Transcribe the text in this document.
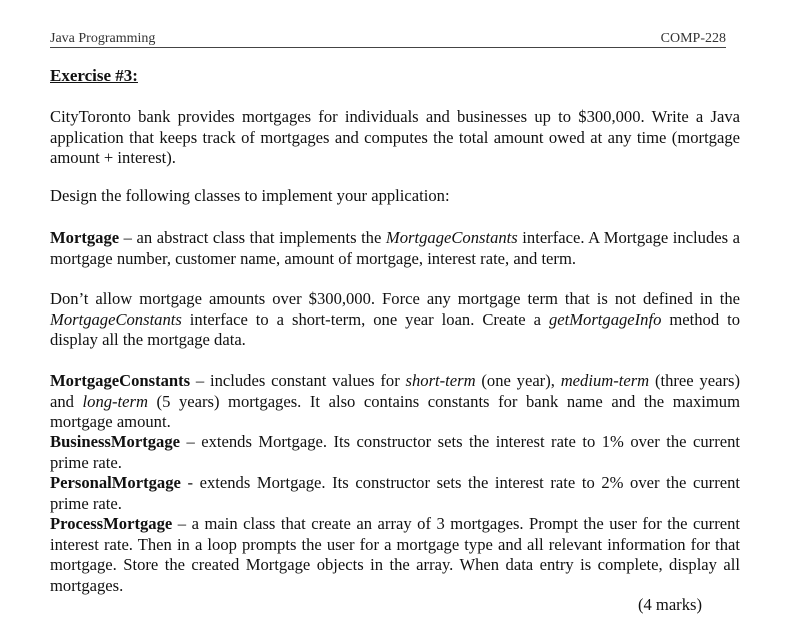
Java Programming	COMP-228
Exercise #3:

CityToronto bank provides mortgages for individuals and businesses up to $300,000. Write a Java application that keeps track of mortgages and computes the total amount owed at any time (mortgage amount + interest).

Design the following classes to implement your application:

Mortgage – an abstract class that implements the MortgageConstants interface. A Mortgage includes a mortgage number, customer name, amount of mortgage, interest rate, and term.

Don’t allow mortgage amounts over $300,000. Force any mortgage term that is not defined in the MortgageConstants interface to a short-term, one year loan. Create a getMortgageInfo method to display all the mortgage data.

MortgageConstants – includes constant values for short-term (one year), medium-term (three years) and long-term (5 years) mortgages. It also contains constants for bank name and the maximum mortgage amount.

BusinessMortgage – extends Mortgage. Its constructor sets the interest rate to 1% over the current prime rate.

PersonalMortgage - extends Mortgage. Its constructor sets the interest rate to 2% over the current prime rate.

ProcessMortgage – a main class that create an array of 3 mortgages. Prompt the user for the current interest rate. Then in a loop prompts the user for a mortgage type and all relevant information for that mortgage. Store the created Mortgage objects in the array. When data entry is complete, display all mortgages.

(4 marks)
